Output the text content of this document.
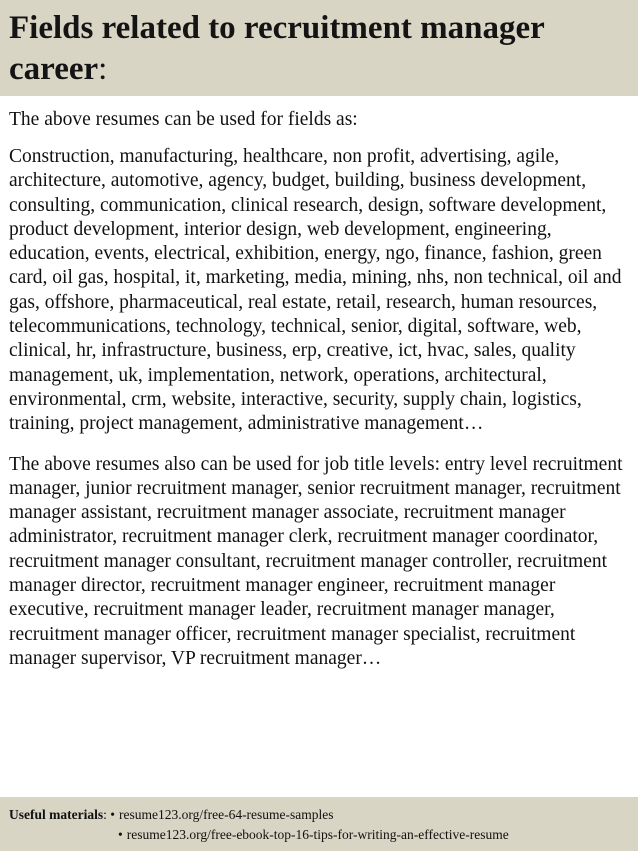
Fields related to recruitment manager career:

The above resumes can be used for fields as:

Construction, manufacturing, healthcare, non profit, advertising, agile, architecture, automotive, agency, budget, building, business development, consulting, communication, clinical research, design, software development, product development, interior design, web development, engineering, education, events, electrical, exhibition, energy, ngo, finance, fashion, green card, oil gas, hospital, it, marketing, media, mining, nhs, non technical, oil and gas, offshore, pharmaceutical, real estate, retail, research, human resources, telecommunications, technology, technical, senior, digital, software, web, clinical, hr, infrastructure, business, erp, creative, ict, hvac, sales, quality management, uk, implementation, network, operations, architectural, environmental, crm, website, interactive, security, supply chain, logistics, training, project management, administrative management…

The above resumes also can be used for job title levels: entry level recruitment manager, junior recruitment manager, senior recruitment manager, recruitment manager assistant, recruitment manager associate, recruitment manager administrator, recruitment manager clerk, recruitment manager coordinator, recruitment manager consultant, recruitment manager controller, recruitment manager director, recruitment manager engineer, recruitment manager executive, recruitment manager leader, recruitment manager manager, recruitment manager officer, recruitment manager specialist, recruitment manager supervisor, VP recruitment manager…

Useful materials: • resume123.org/free-64-resume-samples
• resume123.org/free-ebook-top-16-tips-for-writing-an-effective-resume
